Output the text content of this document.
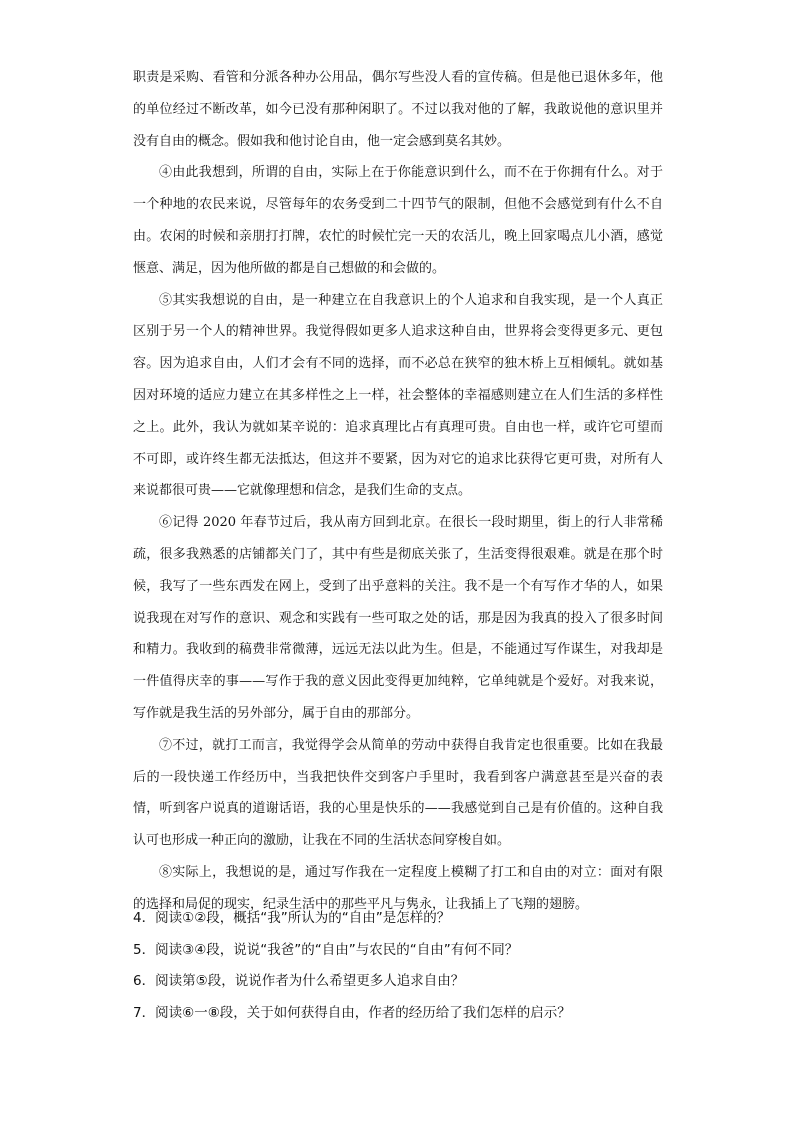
职责是采购、看管和分派各种办公用品，偶尔写些没人看的宣传稿。但是他已退休多年，他的单位经过不断改革，如今已没有那种闲职了。不过以我对他的了解，我敢说他的意识里并没有自由的概念。假如我和他讨论自由，他一定会感到莫名其妙。

④由此我想到，所谓的自由，实际上在于你能意识到什么，而不在于你拥有什么。对于一个种地的农民来说，尽管每年的农务受到二十四节气的限制，但他不会感觉到有什么不自由。农闲的时候和亲朋打打牌，农忙的时候忙完一天的农活儿，晚上回家喝点儿小酒，感觉惬意、满足，因为他所做的都是自己想做的和会做的。

⑤其实我想说的自由，是一种建立在自我意识上的个人追求和自我实现，是一个人真正区别于另一个人的精神世界。我觉得假如更多人追求这种自由，世界将会变得更多元、更包容。因为追求自由，人们才会有不同的选择，而不必总在狭窄的独木桥上互相倾轧。就如基因对环境的适应力建立在其多样性之上一样，社会整体的幸福感则建立在人们生活的多样性之上。此外，我认为就如某辛说的：追求真理比占有真理可贵。自由也一样，或许它可望而不可即，或许终生都无法抵达，但这并不要紧，因为对它的追求比获得它更可贵，对所有人来说都很可贵——它就像理想和信念，是我们生命的支点。

⑥记得 2020 年春节过后，我从南方回到北京。在很长一段时期里，街上的行人非常稀疏，很多我熟悉的店铺都关门了，其中有些是彻底关张了，生活变得很艰难。就是在那个时候，我写了一些东西发在网上，受到了出乎意料的关注。我不是一个有写作才华的人，如果说我现在对写作的意识、观念和实践有一些可取之处的话，那是因为我真的投入了很多时间和精力。我收到的稿费非常微薄，远远无法以此为生。但是，不能通过写作谋生，对我却是一件值得庆幸的事——写作于我的意义因此变得更加纯粹，它单纯就是个爱好。对我来说，写作就是我生活的另外部分，属于自由的那部分。

⑦不过，就打工而言，我觉得学会从简单的劳动中获得自我肯定也很重要。比如在我最后的一段快递工作经历中，当我把快件交到客户手里时，我看到客户满意甚至是兴奋的表情，听到客户说真的道谢话语，我的心里是快乐的——我感觉到自己是有价值的。这种自我认可也形成一种正向的激励，让我在不同的生活状态间穿梭自如。

⑧实际上，我想说的是，通过写作我在一定程度上模糊了打工和自由的对立：面对有限的选择和局促的现实，纪录生活中的那些平凡与隽永，让我插上了飞翔的翅膀。

4．阅读①②段，概括“我”所认为的“自由”是怎样的？
5．阅读③④段，说说“我爸”的“自由”与农民的“自由”有何不同？
6．阅读第⑤段，说说作者为什么希望更多人追求自由？
7．阅读⑥一⑧段，关于如何获得自由，作者的经历给了我们怎样的启示？
